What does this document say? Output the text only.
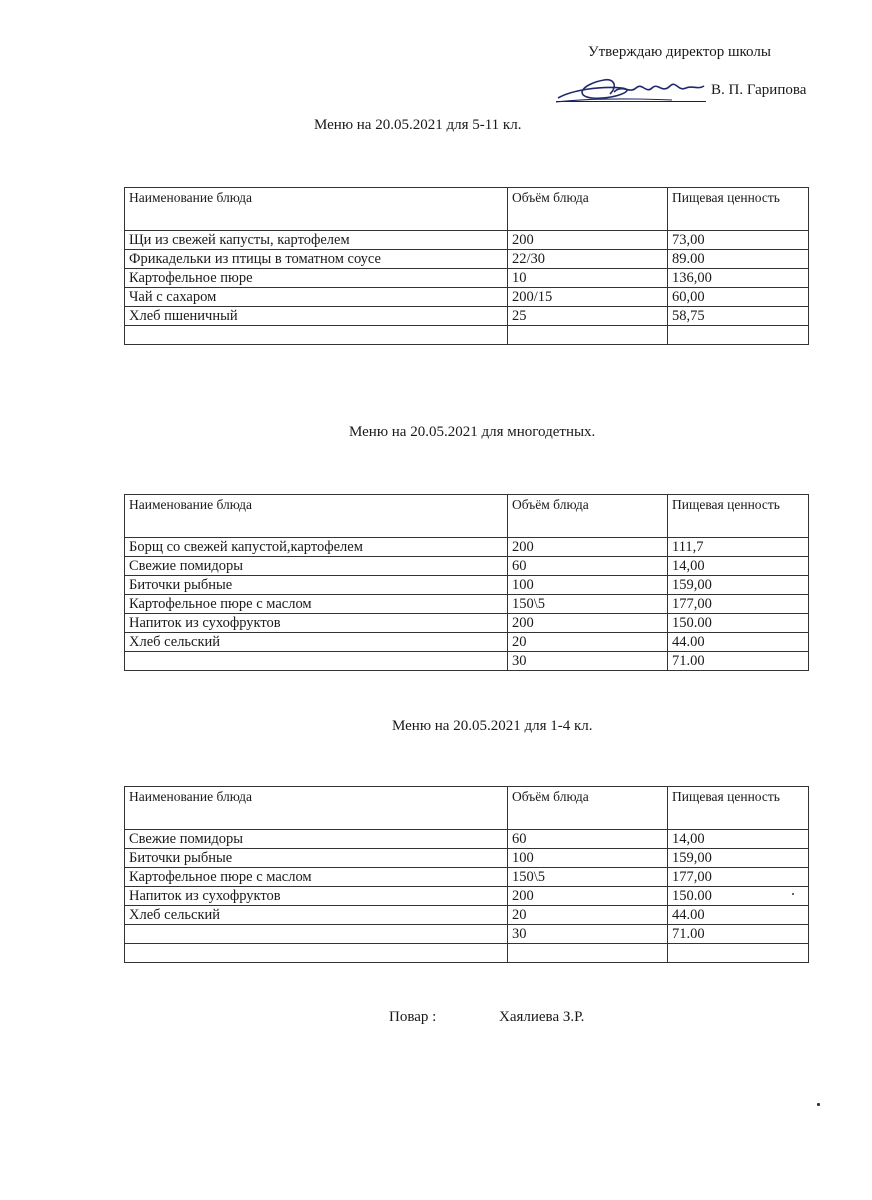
Утверждаю директор школы
В. П. Гарипова
Меню на 20.05.2021 для 5-11 кл.
Наименование блюда	Объём блюда	Пищевая ценность
Щи из свежей капусты, картофелем	200	73,00
Фрикадельки из птицы в томатном соусе	22/30	89.00
Картофельное пюре	10	136,00
Чай с сахаром	200/15	60,00
Хлеб пшеничный	25	58,75

Меню на 20.05.2021 для многодетных.
Наименование блюда	Объём блюда	Пищевая ценность
Борщ со свежей капустой,картофелем	200	111,7
Свежие помидоры	60	14,00
Биточки рыбные	100	159,00
Картофельное пюре с маслом	150\5	177,00
Напиток из сухофруктов	200	150.00
Хлеб сельский	20	44.00
	30	71.00
Меню на 20.05.2021 для 1-4 кл.
Наименование блюда	Объём блюда	Пищевая ценность
Свежие помидоры	60	14,00
Биточки рыбные	100	159,00
Картофельное пюре с маслом	150\5	177,00
Напиток из сухофруктов	200	150.00
Хлеб сельский	20	44.00
	30	71.00

Повар :	Хаялиева З.Р.
